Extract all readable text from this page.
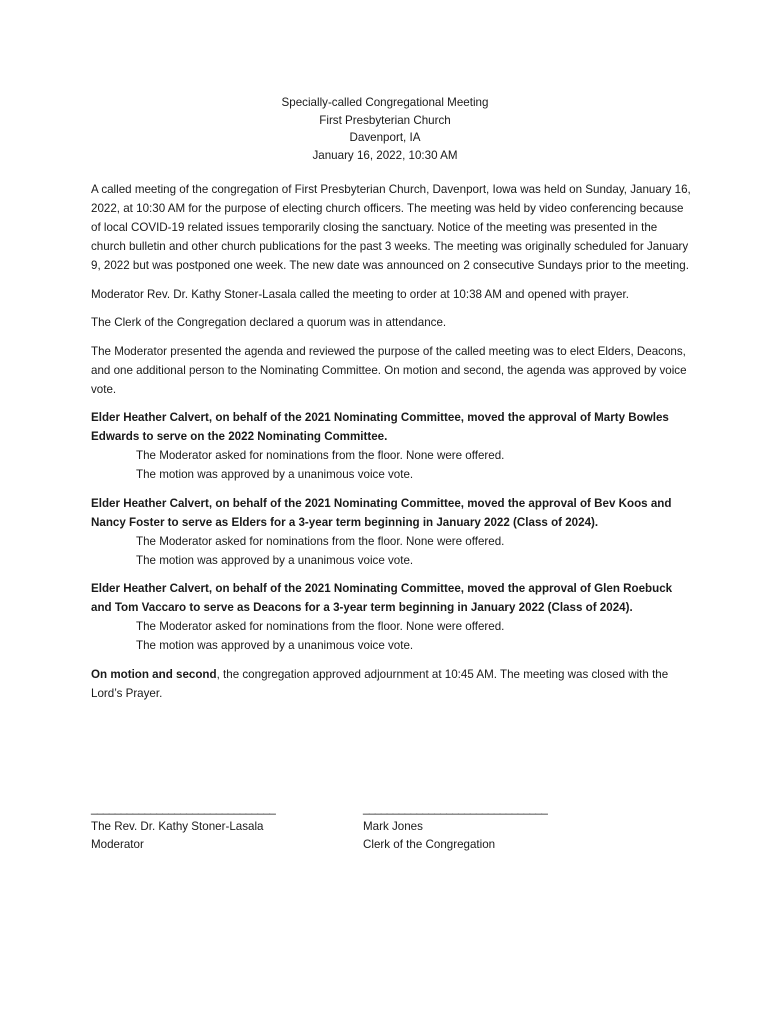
Specially-called Congregational Meeting
First Presbyterian Church
Davenport, IA
January 16, 2022, 10:30 AM

A called meeting of the congregation of First Presbyterian Church, Davenport, Iowa was held on Sunday, January 16, 2022, at 10:30 AM for the purpose of electing church officers. The meeting was held by video conferencing because of local COVID-19 related issues temporarily closing the sanctuary. Notice of the meeting was presented in the church bulletin and other church publications for the past 3 weeks. The meeting was originally scheduled for January 9, 2022 but was postponed one week. The new date was announced on 2 consecutive Sundays prior to the meeting.

Moderator Rev. Dr. Kathy Stoner-Lasala called the meeting to order at 10:38 AM and opened with prayer.

The Clerk of the Congregation declared a quorum was in attendance.

The Moderator presented the agenda and reviewed the purpose of the called meeting was to elect Elders, Deacons, and one additional person to the Nominating Committee. On motion and second, the agenda was approved by voice vote.

Elder Heather Calvert, on behalf of the 2021 Nominating Committee, moved the approval of Marty Bowles Edwards to serve on the 2022 Nominating Committee.
The Moderator asked for nominations from the floor. None were offered.
The motion was approved by a unanimous voice vote.
Elder Heather Calvert, on behalf of the 2021 Nominating Committee, moved the approval of Bev Koos and Nancy Foster to serve as Elders for a 3-year term beginning in January 2022 (Class of 2024).
The Moderator asked for nominations from the floor. None were offered.
The motion was approved by a unanimous voice vote.
Elder Heather Calvert, on behalf of the 2021 Nominating Committee, moved the approval of Glen Roebuck and Tom Vaccaro to serve as Deacons for a 3-year term beginning in January 2022 (Class of 2024).
The Moderator asked for nominations from the floor. None were offered.
The motion was approved by a unanimous voice vote.

On motion and second, the congregation approved adjournment at 10:45 AM. The meeting was closed with the Lord’s Prayer.

_______________________________
The Rev. Dr. Kathy Stoner-Lasala
Moderator
_______________________________
Mark Jones
Clerk of the Congregation
